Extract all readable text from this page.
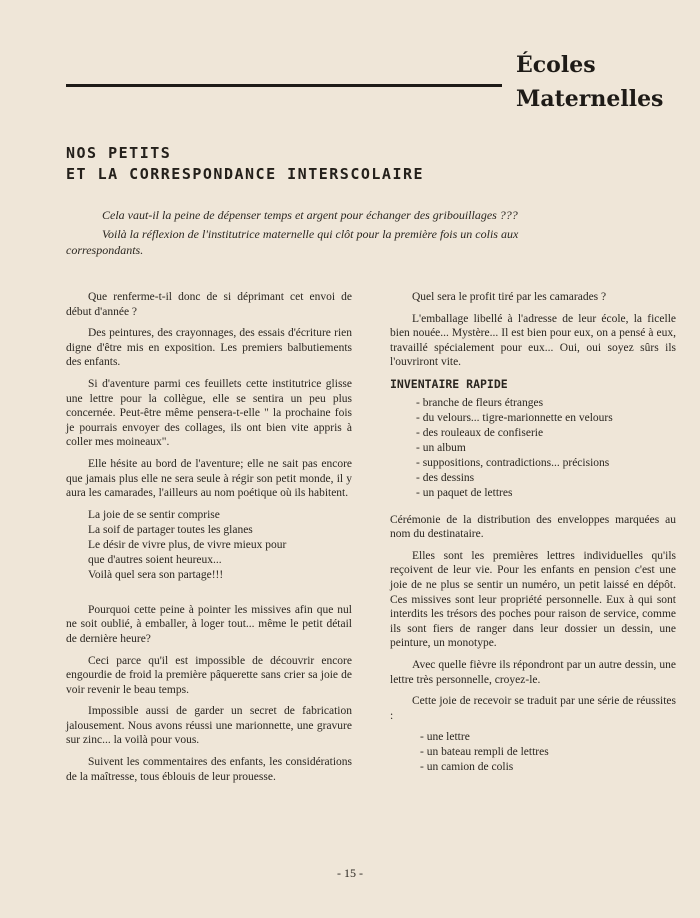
Écoles
Maternelles
NOS PETITS
ET LA CORRESPONDANCE INTERSCOLAIRE

Cela vaut-il la peine de dépenser temps et argent pour échanger des gribouillages ???

Voilà la réflexion de l'institutrice maternelle qui clôt pour la première fois un colis aux correspondants.

Que renferme-t-il donc de si déprimant cet envoi de début d'année ?

Des peintures, des crayonnages, des essais d'écriture rien digne d'être mis en exposition. Les premiers balbutiements des enfants.

Si d'aventure parmi ces feuillets cette institutrice glisse une lettre pour la collègue, elle se sentira un peu plus concernée. Peut-être même pensera-t-elle " la prochaine fois je pourrais envoyer des collages, ils ont bien vite appris à coller mes moineaux".

Elle hésite au bord de l'aventure; elle ne sait pas encore que jamais plus elle ne sera seule à régir son petit monde, il y aura les camarades, l'ailleurs au nom poétique où ils habitent.

La joie de se sentir comprise
La soif de partager toutes les glanes
Le désir de vivre plus, de vivre mieux pour
que d'autres soient heureux...
Voilà quel sera son partage!!!

Pourquoi cette peine à pointer les missives afin que nul ne soit oublié, à emballer, à loger tout... même le petit détail de dernière heure?

Ceci parce qu'il est impossible de découvrir encore engourdie de froid la première pâquerette sans crier sa joie de voir revenir le beau temps.

Impossible aussi de garder un secret de fabrication jalousement. Nous avons réussi une marionnette, une gravure sur zinc... la voilà pour vous.

Suivent les commentaires des enfants, les considérations de la maîtresse, tous éblouis de leur prouesse.

Quel sera le profit tiré par les camarades ?

L'emballage libellé à l'adresse de leur école, la ficelle bien nouée... Mystère... Il est bien pour eux, on a pensé à eux, travaillé spécialement pour eux... Oui, oui soyez sûrs ils l'ouvriront vite.

INVENTAIRE RAPIDE
- branche de fleurs étranges
- du velours... tigre-marionnette en velours
- des rouleaux de confiserie
- un album
- suppositions, contradictions... précisions
- des dessins
- un paquet de lettres

Cérémonie de la distribution des enveloppes marquées au nom du destinataire.

Elles sont les premières lettres individuelles qu'ils reçoivent de leur vie. Pour les enfants en pension c'est une joie de ne plus se sentir un numéro, un petit laissé en dépôt. Ces missives sont leur propriété personnelle. Eux à qui sont interdits les trésors des poches pour raison de service, comme ils sont fiers de ranger dans leur dossier un dessin, une peinture, un monotype.

Avec quelle fièvre ils répondront par un autre dessin, une lettre très personnelle, croyez-le.

Cette joie de recevoir se traduit par une série de réussites :

- une lettre
- un bateau rempli de lettres
- un camion de colis
- 15 -
